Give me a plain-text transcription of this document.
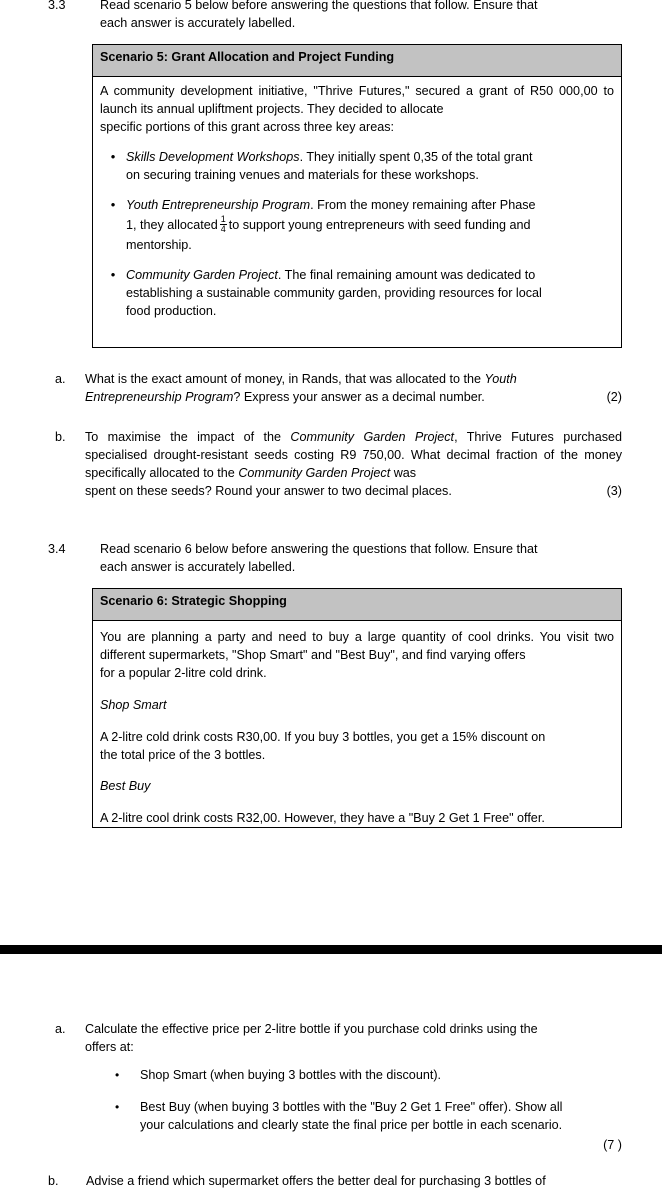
3.3	Read scenario 5 below before answering the questions that follow. Ensure that
each answer is accurately labelled.
Scenario 5: Grant Allocation and Project Funding

A community development initiative, "Thrive Futures," secured a grant of R50 000,00 to launch its annual upliftment projects. They decided to allocate
specific portions of this grant across three key areas:

• Skills Development Workshops. They initially spent 0,35 of the total grant
on securing training venues and materials for these workshops.
• Youth Entrepreneurship Program. From the money remaining after Phase
1, they allocated $\frac{1}{4}$ to support young entrepreneurs with seed funding and
mentorship.
• Community Garden Project. The final remaining amount was dedicated to
establishing a sustainable community garden, providing resources for local
food production.
a.	What is the exact amount of money, in Rands, that was allocated to the Youth
(2)
Entrepreneurship Program? Express your answer as a decimal number.
b.	To maximise the impact of the Community Garden Project, Thrive Futures purchased specialised drought-resistant seeds costing R9 750,00. What decimal fraction of the money specifically allocated to the Community Garden Project was
(3)
spent on these seeds? Round your answer to two decimal places.
3.4	Read scenario 6 below before answering the questions that follow. Ensure that
each answer is accurately labelled.
Scenario 6: Strategic Shopping

You are planning a party and need to buy a large quantity of cool drinks. You visit two different supermarkets, "Shop Smart" and "Best Buy", and find varying offers
for a popular 2-litre cold drink.

Shop Smart

A 2-litre cold drink costs R30,00. If you buy 3 bottles, you get a 15% discount on
the total price of the 3 bottles.

Best Buy

A 2-litre cool drink costs R32,00. However, they have a "Buy 2 Get 1 Free" offer.

a.	Calculate the effective price per 2-litre bottle if you purchase cold drinks using the
offers at:
•	Shop Smart (when buying 3 bottles with the discount).
•	Best Buy (when buying 3 bottles with the "Buy 2 Get 1 Free" offer). Show all
your calculations and clearly state the final price per bottle in each scenario.
(7 )
b.	Advise a friend which supermarket offers the better deal for purchasing 3 bottles of
